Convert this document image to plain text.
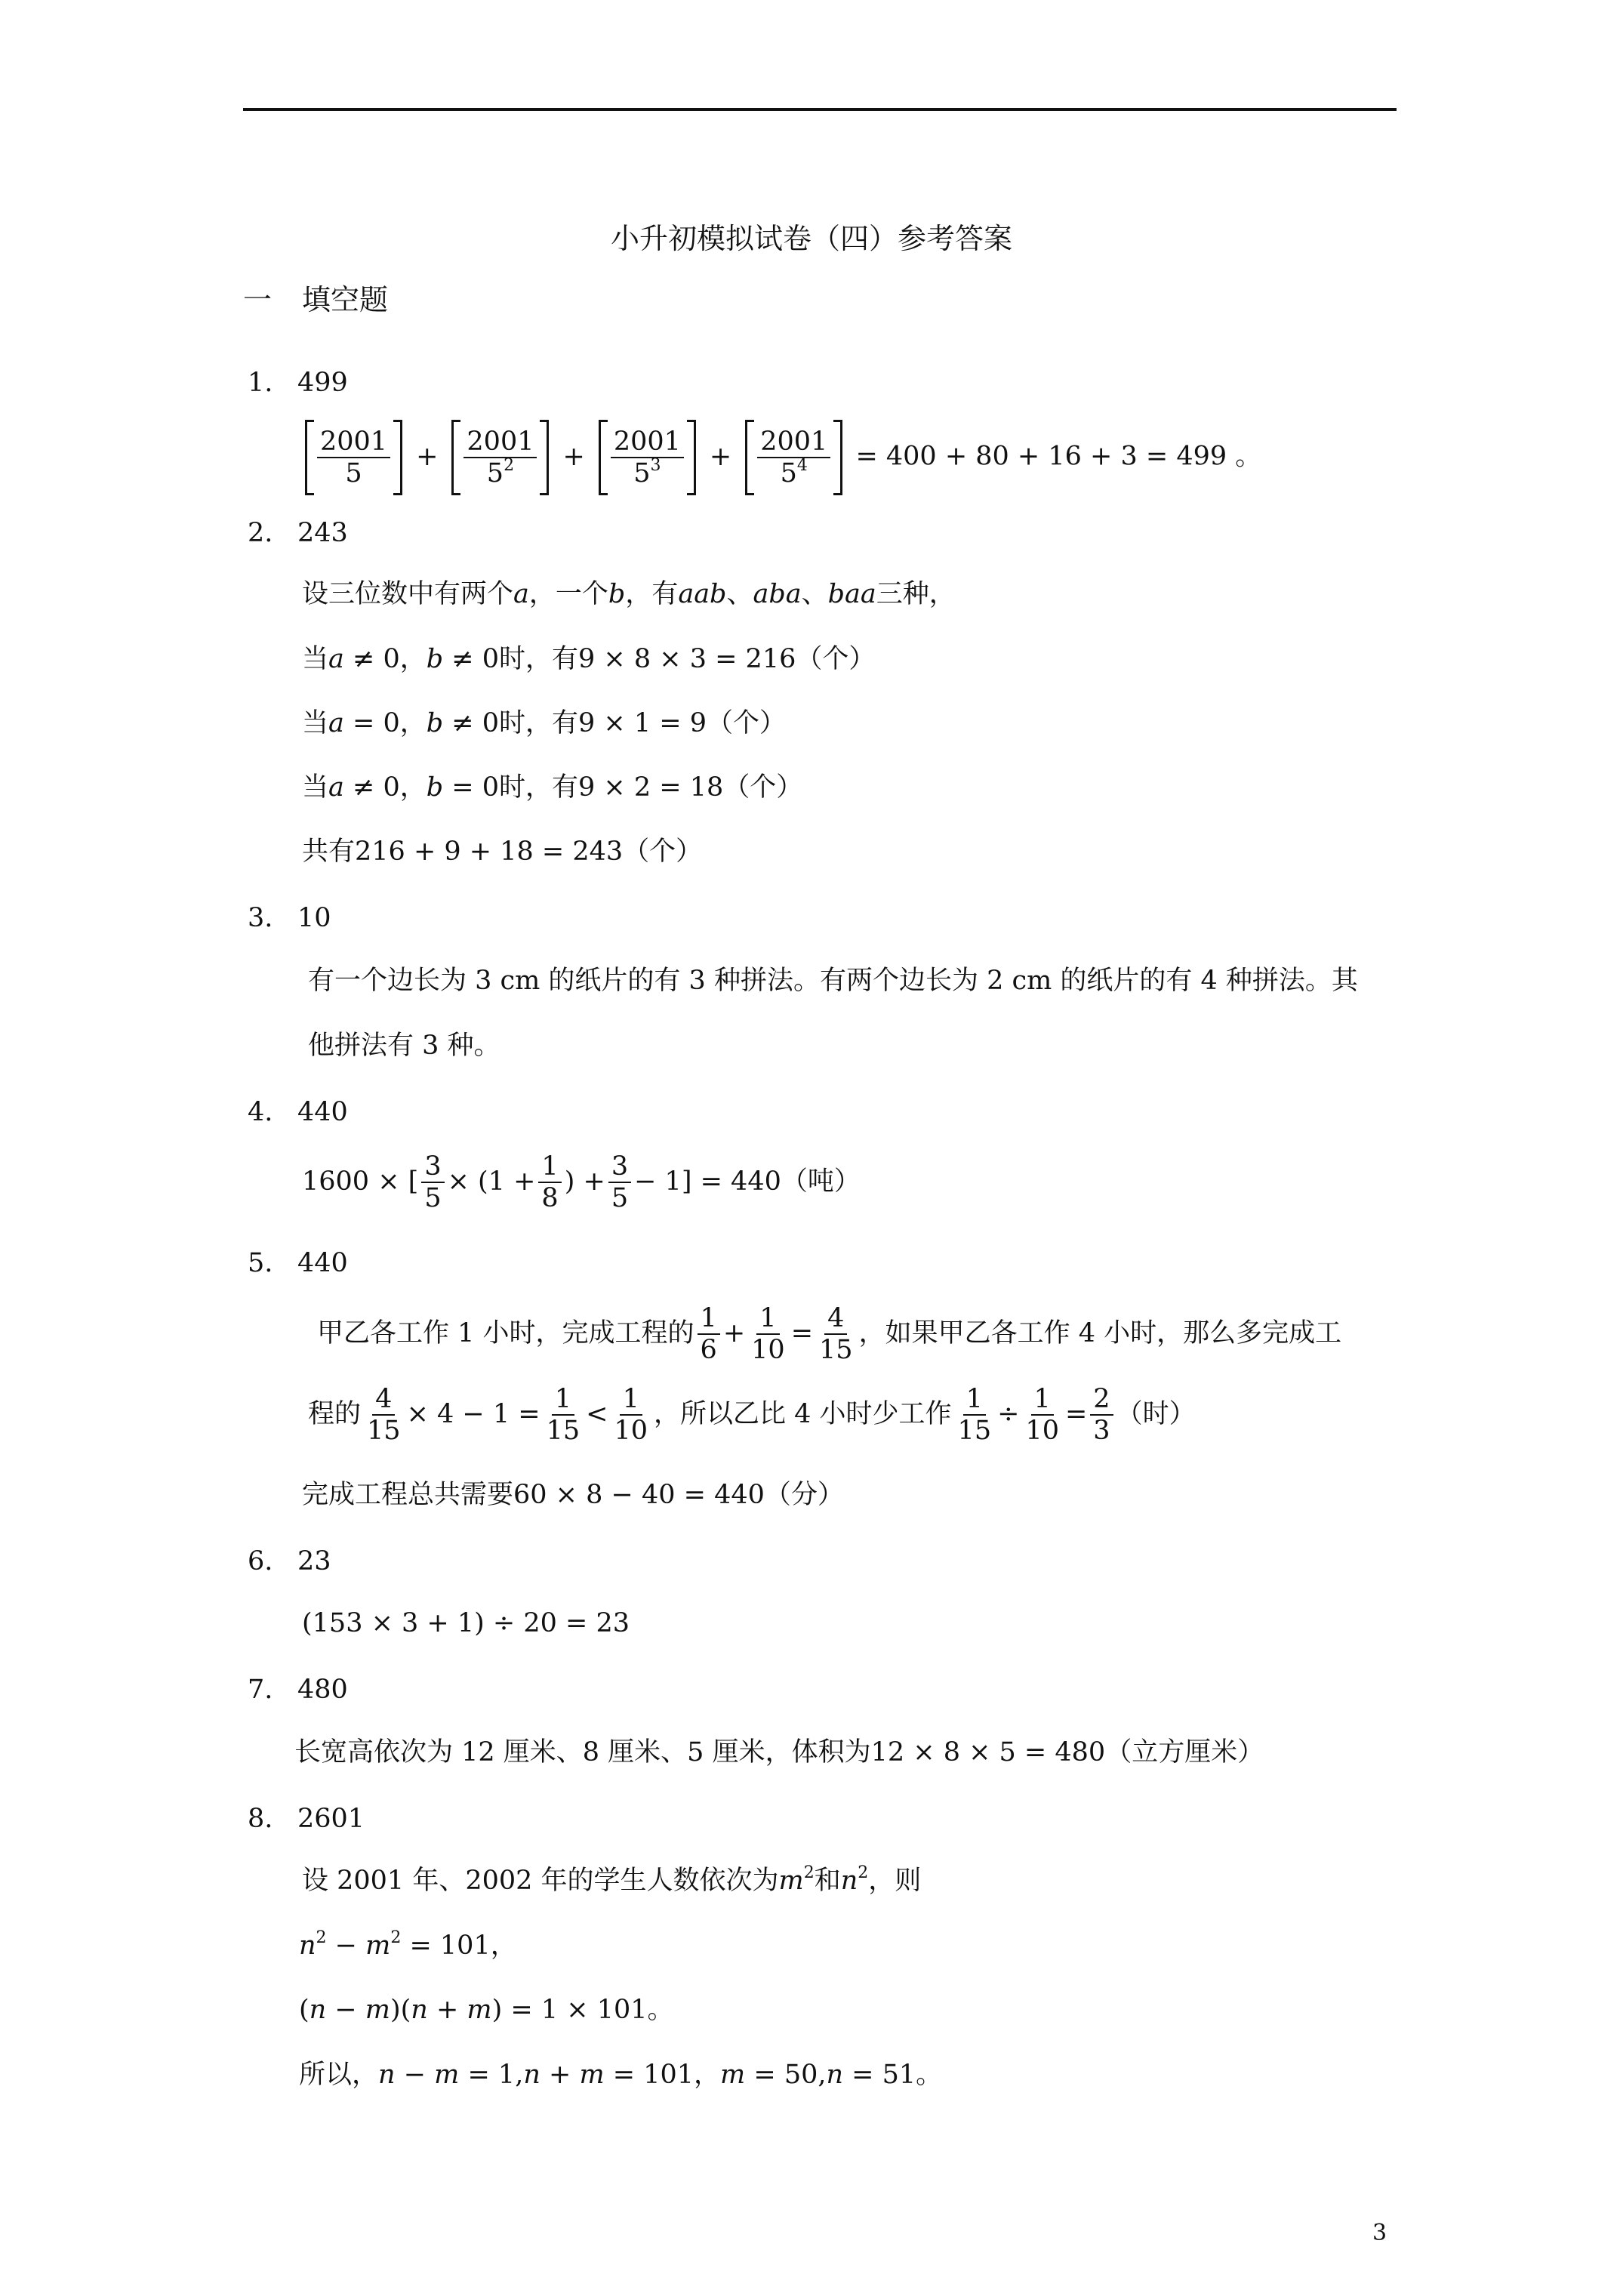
小升初模拟试卷（四）参考答案
一 填空题
1. 499
$\frac{2001}{5} + \frac{2001}{5^2} + \frac{2001}{5^3} + \frac{2001}{5^4} = 400 + 80 + 16 + 3 = 499$ 。
2. 243
设三位数中有两个a，一个b，有aab、aba、baa三种，
当a ≠ 0，b ≠ 0时，有9 × 8 × 3 = 216（个）
当a = 0，b ≠ 0时，有9 × 1 = 9（个）
当a ≠ 0，b = 0时，有9 × 2 = 18（个）
共有216 + 9 + 18 = 243（个）
3. 10
有一个边长为 3 cm 的纸片的有 3 种拼法。有两个边长为 2 cm 的纸片的有 4 种拼法。其
他拼法有 3 种。
4. 440
1600 × [ $\frac{3}{5} \times (1 + \frac{1}{8}$ ) + $\frac{3}{5} - 1] = 440$（吨）
5. 440
甲乙各工作 1 小时，完成工程的 $\frac{1}{6} + \frac{1}{10} = \frac{4}{15}$ ，如果甲乙各工作 4 小时，那么多完成工
程的 $\frac{4}{15} \times 4 - 1 = \frac{1}{15} < \frac{1}{10}$ ，所以乙比 4 小时少工作 $\frac{1}{15} \div \frac{1}{10} = \frac{2}{3}$ （时）
完成工程总共需要60 × 8 − 40 = 440（分）
6. 23
(153 × 3 + 1) ÷ 20 = 23
7. 480
长宽高依次为 12 厘米、8 厘米、5 厘米，体积为12 × 8 × 5 = 480（立方厘米）
8. 2601
设 2001 年、2002 年的学生人数依次为$m^2$和$n^2$，则
$n^2 - m^2 = 101$，
(n − m)(n + m) = 1 × 101。
所以，n − m = 1,n + m = 101，m = 50,n = 51。
3
